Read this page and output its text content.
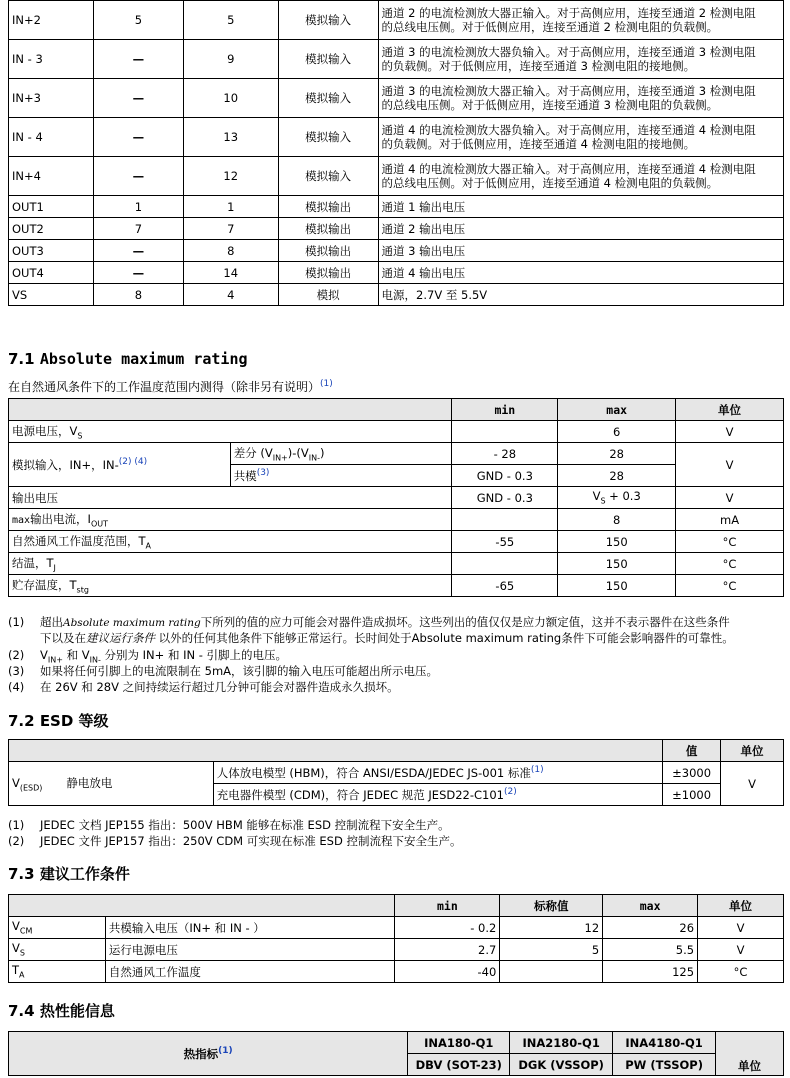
IN+2	5	5	模拟输入	通道 2 的电流检测放大器正输入。对于高侧应用，连接至通道 2 检测电阻
的总线电压侧。对于低侧应用，连接至通道 2 检测电阻的负载侧。
IN - 3	—	9	模拟输入	通道 3 的电流检测放大器负输入。对于高侧应用，连接至通道 3 检测电阻
的负载侧。对于低侧应用，连接至通道 3 检测电阻的接地侧。
IN+3	—	10	模拟输入	通道 3 的电流检测放大器正输入。对于高侧应用，连接至通道 3 检测电阻
的总线电压侧。对于低侧应用，连接至通道 3 检测电阻的负载侧。
IN - 4	—	13	模拟输入	通道 4 的电流检测放大器负输入。对于高侧应用，连接至通道 4 检测电阻
的负载侧。对于低侧应用，连接至通道 4 检测电阻的接地侧。
IN+4	—	12	模拟输入	通道 4 的电流检测放大器正输入。对于高侧应用，连接至通道 4 检测电阻
的总线电压侧。对于低侧应用，连接至通道 4 检测电阻的负载侧。
OUT1	1	1	模拟输出	通道 1 输出电压
OUT2	7	7	模拟输出	通道 2 输出电压
OUT3	—	8	模拟输出	通道 3 输出电压
OUT4	—	14	模拟输出	通道 4 输出电压
VS	8	4	模拟	电源，2.7V 至 5.5V
7.1 Absolute maximum rating
在自然通风条件下的工作温度范围内测得（除非另有说明）$^{(1)}$
		min	max	单位
电源电压，$V_S$			6	V
模拟输入，IN+，IN-$^{(2) (4)}$	差分 $(V_{IN+})-(V_{IN-})$	- 28	28	V
	共模$^{(3)}$	GND - 0.3	28	
输出电压		GND - 0.3	$V_S + 0.3$	V
max输出电流，$I_{OUT}$			8	mA
自然通风工作温度范围，$T_A$		-55	150	°C
结温，$T_J$			150	°C
贮存温度，$T_{stg}$		-65	150	°C
(1) 超出Absolute maximum rating下所列的值的应力可能会对器件造成损坏。这些列出的值仅仅是应力额定值，这并不表示器件在这些条件
下以及在建议运行条件 以外的任何其他条件下能够正常运行。长时间处于Absolute maximum rating条件下可能会影响器件的可靠性。
(2) $V_{IN+}$ 和 $V_{IN-}$ 分别为 IN+ 和 IN - 引脚上的电压。
(3) 如果将任何引脚上的电流限制在 5mA，该引脚的输入电压可能超出所示电压。
(4) 在 26V 和 28V 之间持续运行超过几分钟可能会对器件造成永久损坏。
7.2 ESD 等级
		值	单位
$V_{(ESD)}$ 静电放电	人体放电模型 (HBM)，符合 ANSI/ESDA/JEDEC JS-001 标准$^{(1)}$	±3000	V
	充电器件模型 (CDM)，符合 JEDEC 规范 $JESD22-C101^{(2)}$	±1000	
(1) JEDEC 文档 JEP155 指出：500V HBM 能够在标准 ESD 控制流程下安全生产。
(2) JEDEC 文件 JEP157 指出：250V CDM 可实现在标准 ESD 控制流程下安全生产。
7.3 建议工作条件
		min	标称值	max	单位
$V_{CM}$	共模输入电压（IN+ 和 IN - ）	- 0.2	12	26	V
$V_S$	运行电源电压	2.7	5	5.5	V
$T_A$	自然通风工作温度	-40		125	°C
7.4 热性能信息
热指标$^{(1)}$	INA180-Q1	INA2180-Q1	INA4180-Q1	单位
	DBV (SOT-23)	DGK (VSSOP)	PW (TSSOP)	
